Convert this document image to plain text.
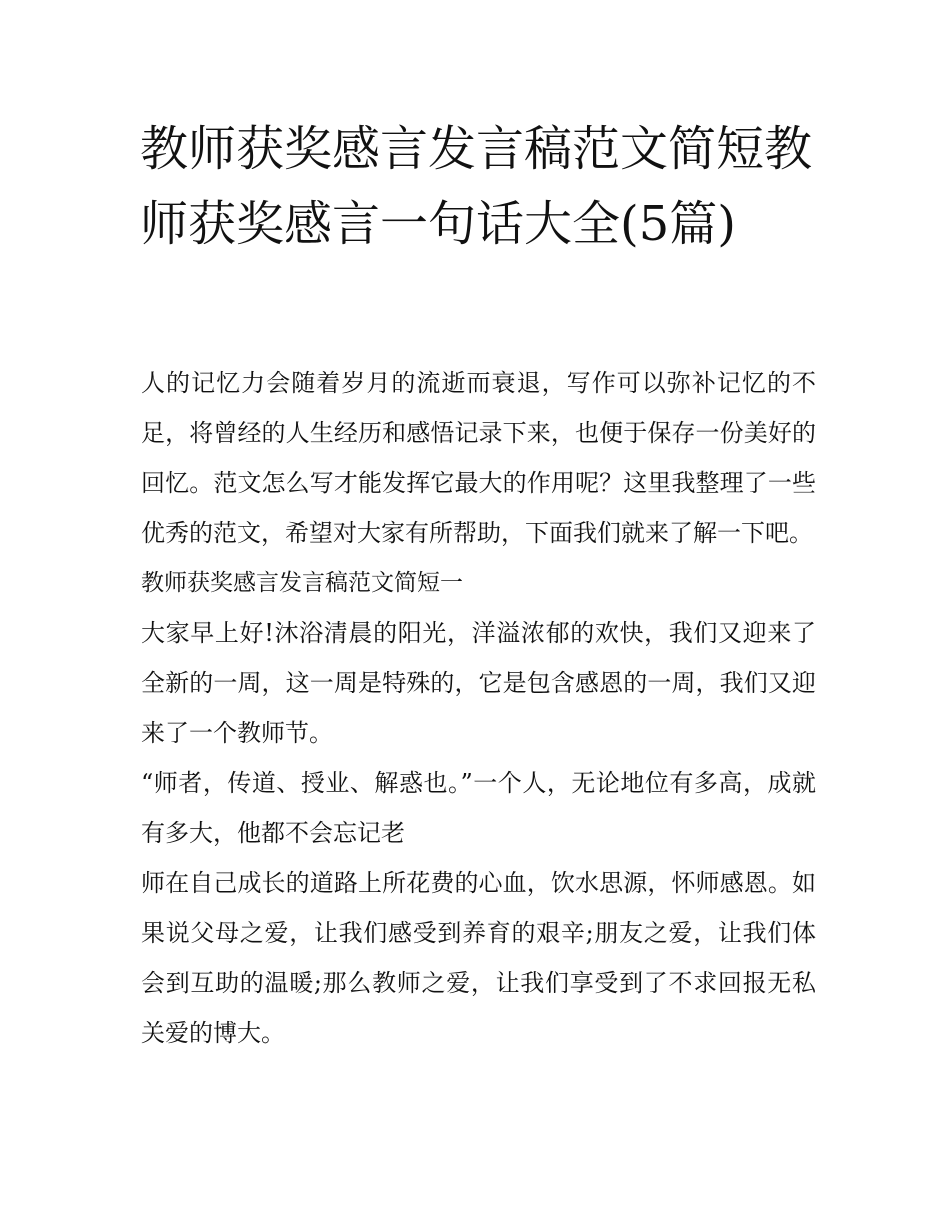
教师获奖感言发言稿范文简短教师获奖感言一句话大全(5篇)

人的记忆力会随着岁月的流逝而衰退，写作可以弥补记忆的不足，将曾经的人生经历和感悟记录下来，也便于保存一份美好的回忆。范文怎么写才能发挥它最大的作用呢？这里我整理了一些优秀的范文，希望对大家有所帮助，下面我们就来了解一下吧。

教师获奖感言发言稿范文简短一

大家早上好!沐浴清晨的阳光，洋溢浓郁的欢快，我们又迎来了全新的一周，这一周是特殊的，它是包含感恩的一周，我们又迎来了一个教师节。

“师者，传道、授业、解惑也。”一个人，无论地位有多高，成就有多大，他都不会忘记老

师在自己成长的道路上所花费的心血，饮水思源，怀师感恩。如果说父母之爱，让我们感受到养育的艰辛;朋友之爱，让我们体会到互助的温暖;那么教师之爱，让我们享受到了不求回报无私关爱的博大。
